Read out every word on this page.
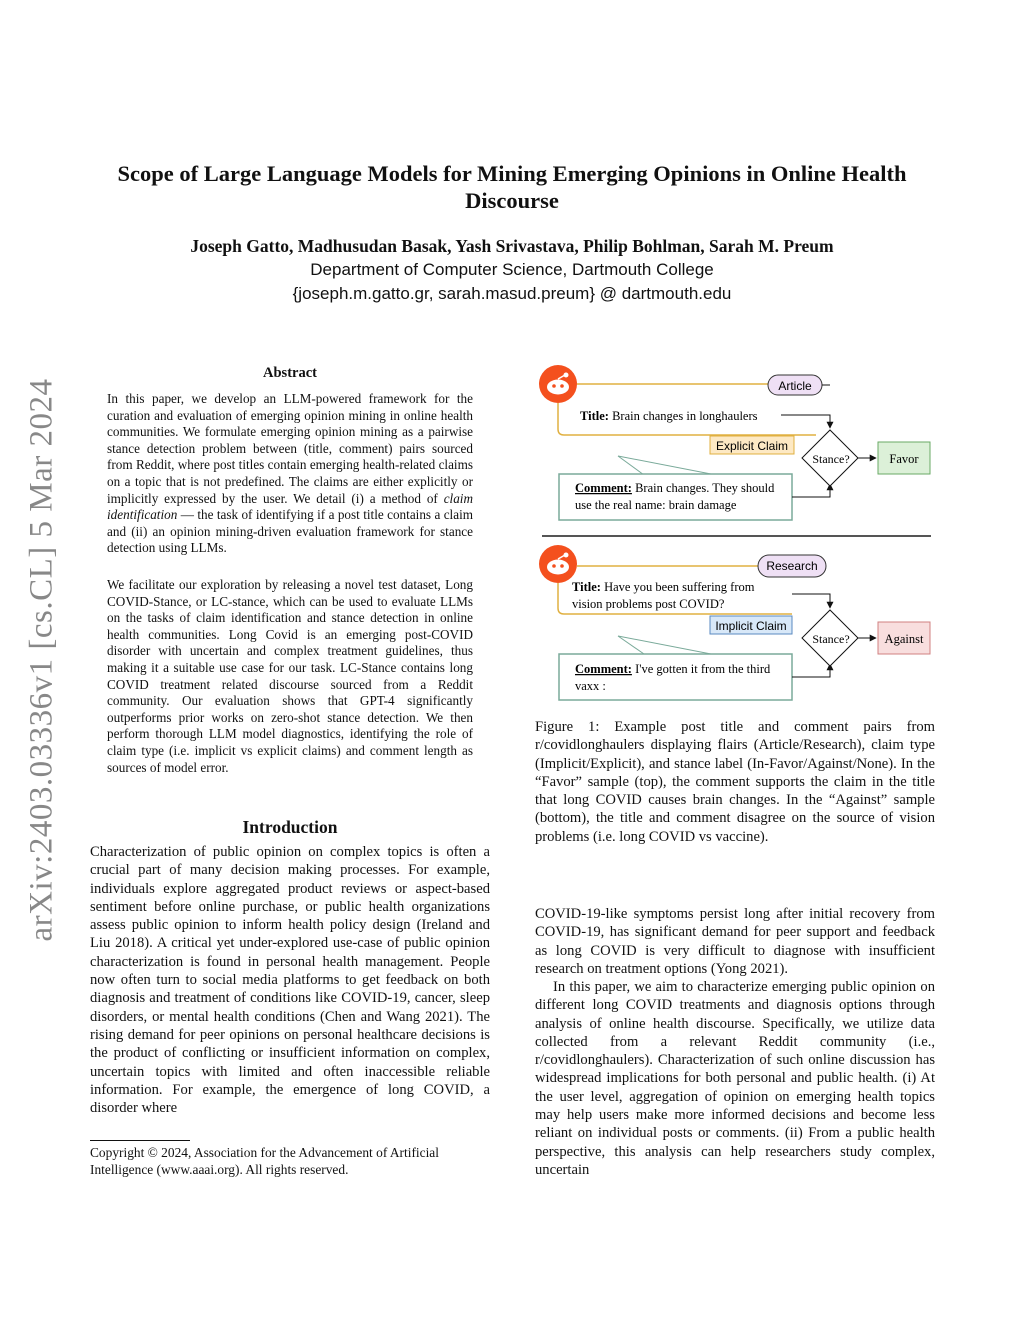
arXiv:2403.03336v1 [cs.CL] 5 Mar 2024
Scope of Large Language Models for Mining Emerging Opinions in Online Health Discourse
Joseph Gatto, Madhusudan Basak, Yash Srivastava, Philip Bohlman, Sarah M. Preum
Department of Computer Science, Dartmouth College
{joseph.m.gatto.gr, sarah.masud.preum} @ dartmouth.edu
Abstract

In this paper, we develop an LLM-powered framework for the curation and evaluation of emerging opinion mining in online health communities. We formulate emerging opinion mining as a pairwise stance detection problem between (title, comment) pairs sourced from Reddit, where post titles contain emerging health-related claims on a topic that is not predefined. The claims are either explicitly or implicitly expressed by the user. We detail (i) a method of claim identification — the task of identifying if a post title contains a claim and (ii) an opinion mining-driven evaluation framework for stance detection using LLMs.

We facilitate our exploration by releasing a novel test dataset, Long COVID-Stance, or LC-stance, which can be used to evaluate LLMs on the tasks of claim identification and stance detection in online health communities. Long Covid is an emerging post-COVID disorder with uncertain and complex treatment guidelines, thus making it a suitable use case for our task. LC-Stance contains long COVID treatment related discourse sourced from a Reddit community. Our evaluation shows that GPT-4 significantly outperforms prior works on zero-shot stance detection. We then perform thorough LLM model diagnostics, identifying the role of claim type (i.e. implicit vs explicit claims) and comment length as sources of model error.

Introduction

Characterization of public opinion on complex topics is often a crucial part of many decision making processes. For example, individuals explore aggregated product reviews or aspect-based sentiment before online purchase, or public health organizations assess public opinion to inform health policy design (Ireland and Liu 2018). A critical yet under-explored use-case of public opinion characterization is found in personal health management. People now often turn to social media platforms to get feedback on both diagnosis and treatment of conditions like COVID-19, cancer, sleep disorders, or mental health conditions (Chen and Wang 2021). The rising demand for peer opinions on personal healthcare decisions is the product of conflicting or insufficient information on complex, uncertain topics with limited and often inaccessible reliable information. For example, the emergence of long COVID, a disorder where

Copyright © 2024, Association for the Advancement of Artificial Intelligence (www.aaai.org). All rights reserved.

Article
Title: Brain changes in longhaulers
Explicit Claim
Comment: Brain changes. They should
use the real name: brain damage
Stance?	Favor
Research
Title: Have you been suffering from
vision problems post COVID?
Implicit Claim
Comment: I've gotten it from the third
vaxx :
Stance?	Against

Figure 1: Example post title and comment pairs from r/covidlonghaulers displaying flairs (Article/Research), claim type (Implicit/Explicit), and stance label (In-Favor/Against/None). In the “Favor” sample (top), the comment supports the claim in the title that long COVID causes brain changes. In the “Against” sample (bottom), the title and comment disagree on the source of vision problems (i.e. long COVID vs vaccine).

COVID-19-like symptoms persist long after initial recovery from COVID-19, has significant demand for peer support and feedback as long COVID is very difficult to diagnose with insufficient research on treatment options (Yong 2021).

In this paper, we aim to characterize emerging public opinion on different long COVID treatments and diagnosis options through analysis of online health discourse. Specifically, we utilize data collected from a relevant Reddit community (i.e., r/covidlonghaulers). Characterization of such online discussion has widespread implications for both personal and public health. (i) At the user level, aggregation of opinion on emerging health topics may help users make more informed decisions and become less reliant on individual posts or comments. (ii) From a public health perspective, this analysis can help researchers study complex, uncertain
